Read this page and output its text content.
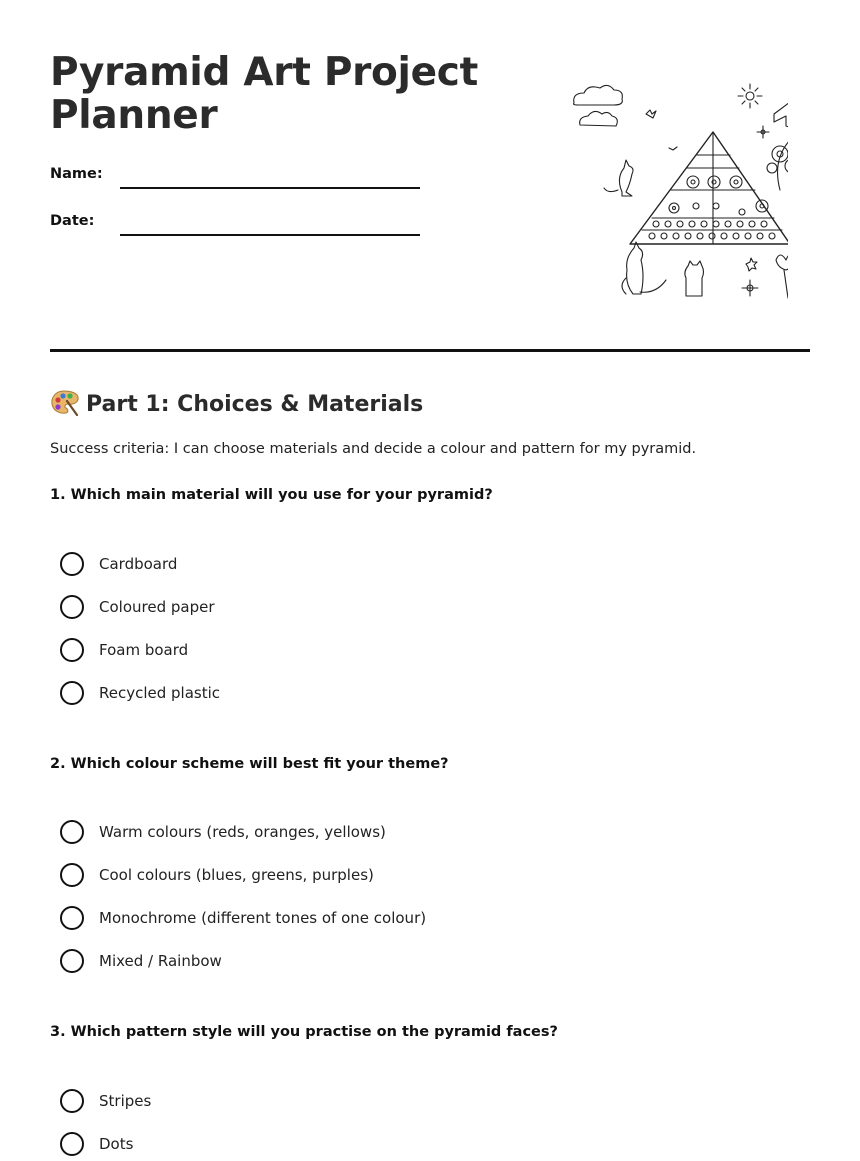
Pyramid Art Project Planner
Name:
Date:
Part 1: Choices & Materials
Success criteria: I can choose materials and decide a colour and pattern for my pyramid.
1. Which main material will you use for your pyramid?
Cardboard
Coloured paper
Foam board
Recycled plastic
2. Which colour scheme will best fit your theme?
Warm colours (reds, oranges, yellows)
Cool colours (blues, greens, purples)
Monochrome (different tones of one colour)
Mixed / Rainbow
3. Which pattern style will you practise on the pyramid faces?
Stripes
Dots
